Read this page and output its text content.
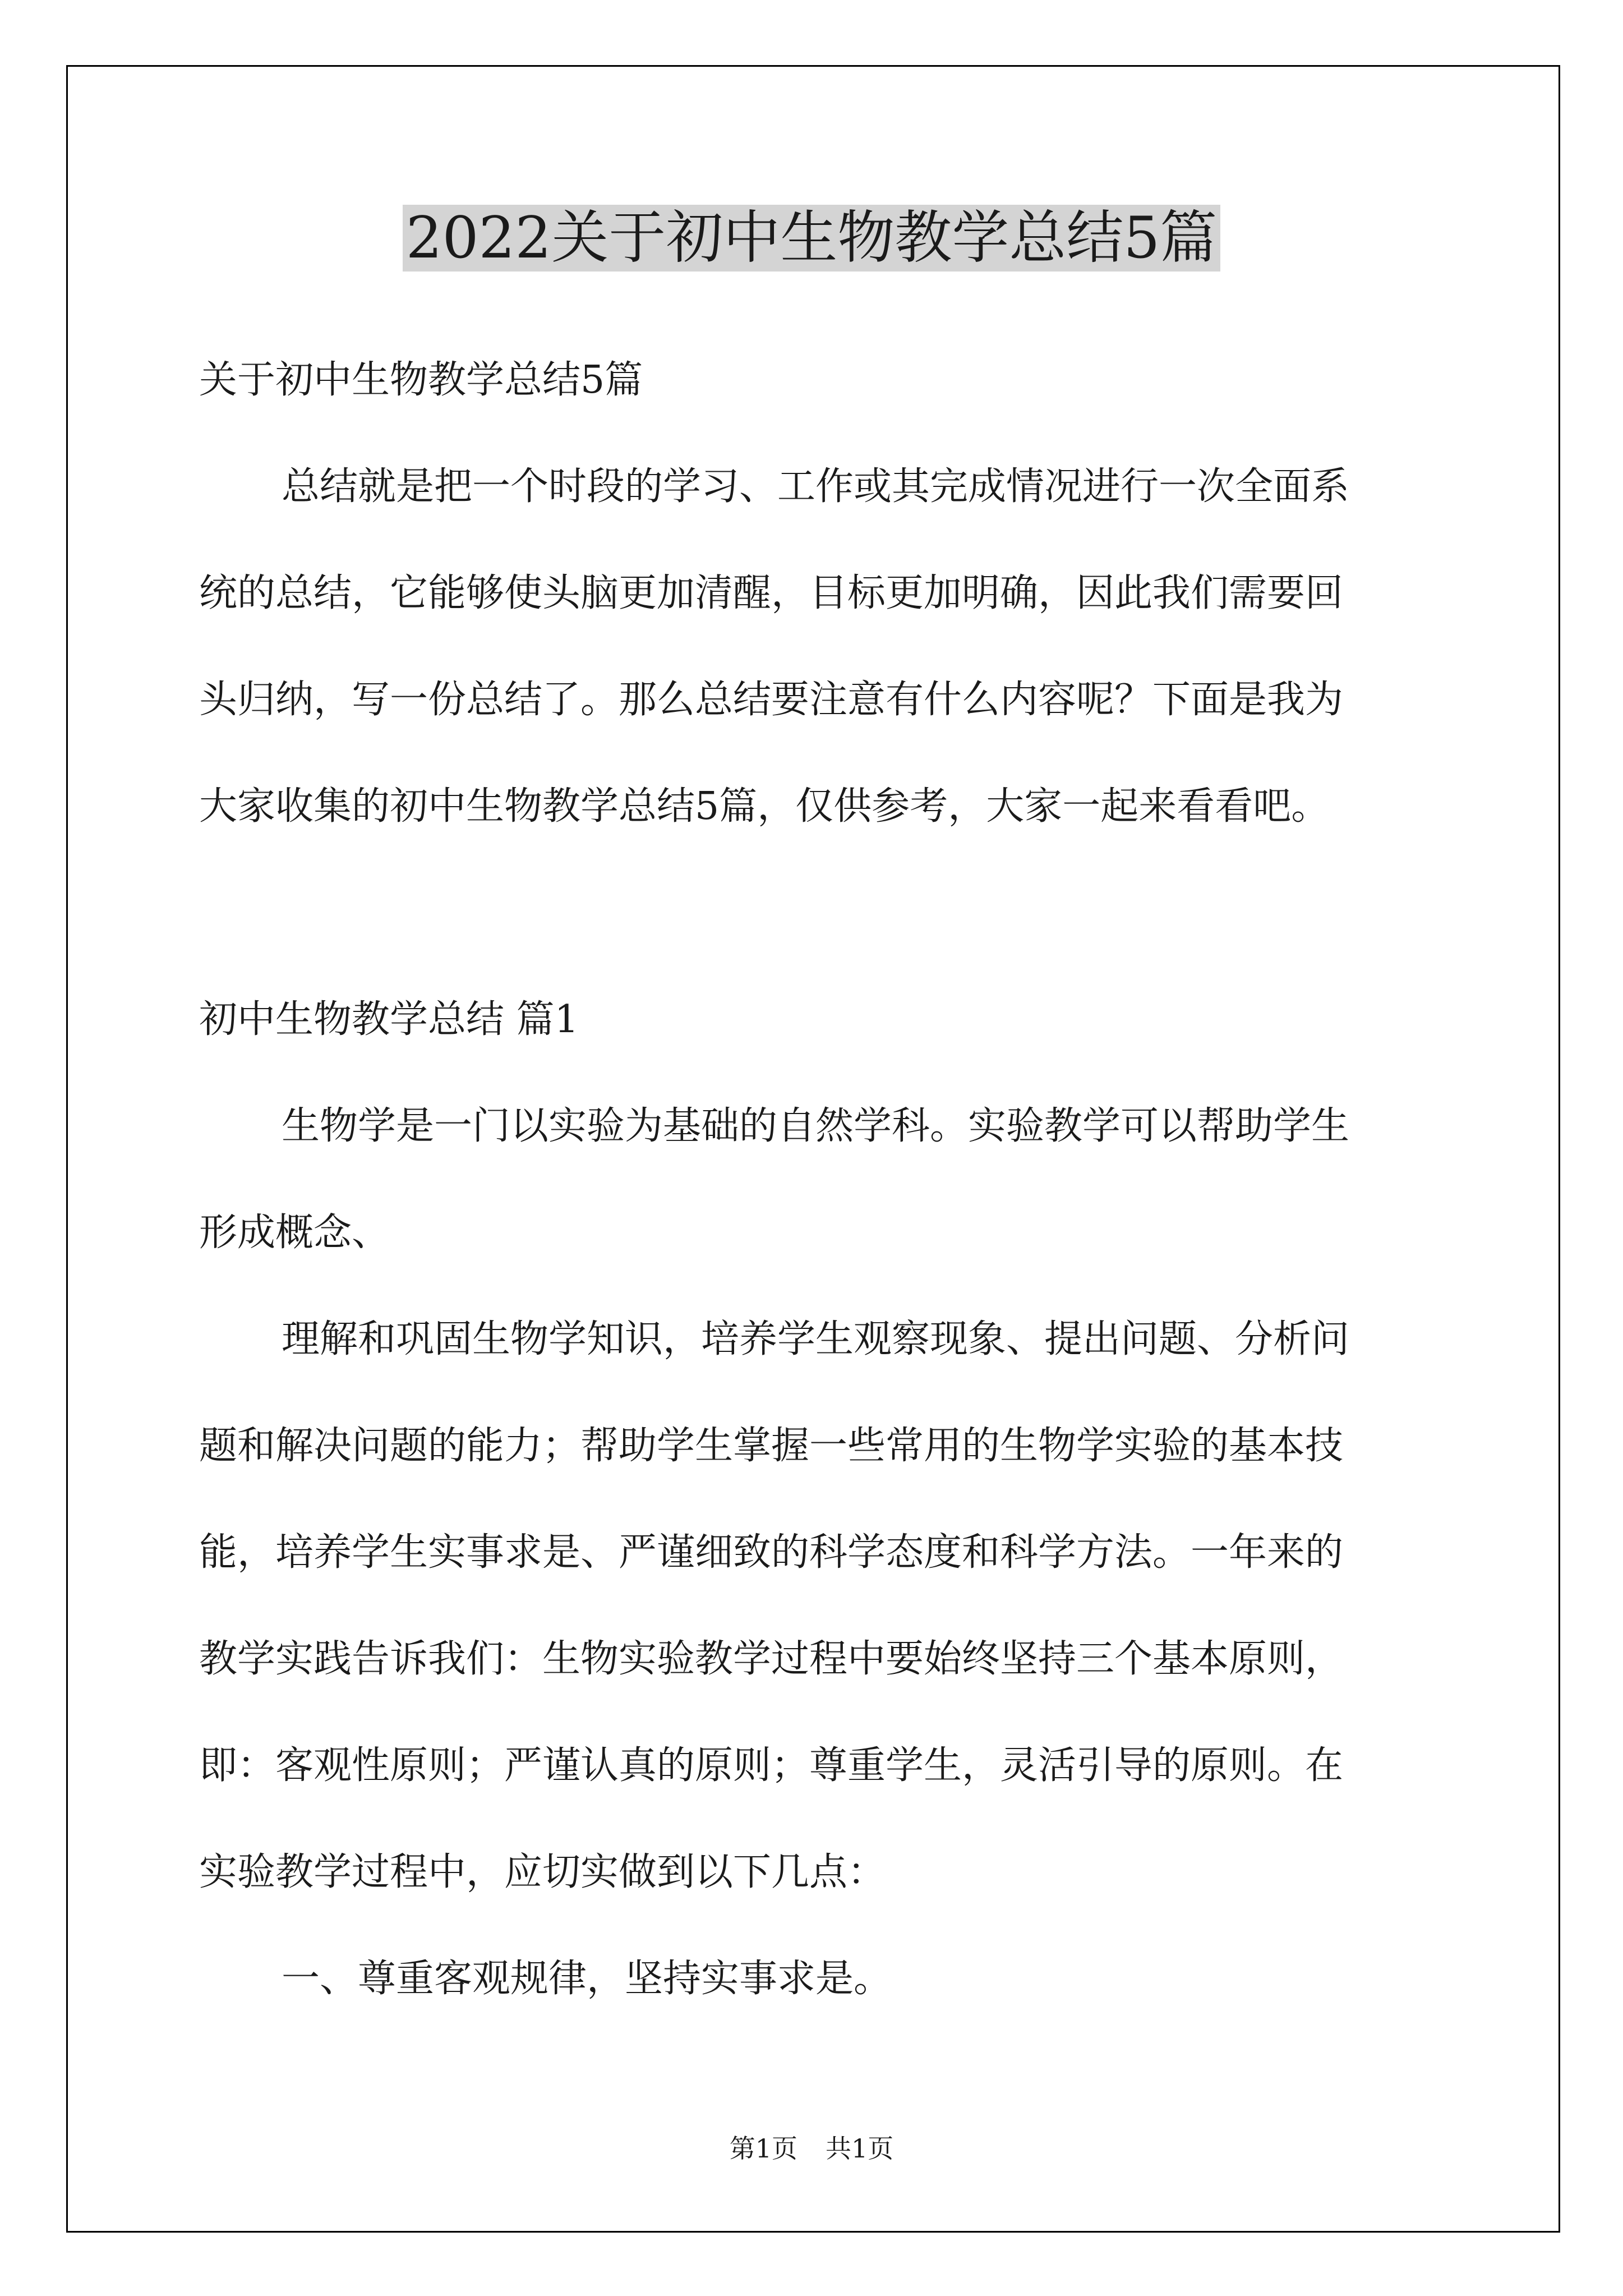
2022关于初中生物教学总结5篇
关于初中生物教学总结5篇
总结就是把一个时段的学习、工作或其完成情况进行一次全面系
统的总结，它能够使头脑更加清醒，目标更加明确，因此我们需要回
头归纳，写一份总结了。那么总结要注意有什么内容呢？下面是我为
大家收集的初中生物教学总结5篇，仅供参考，大家一起来看看吧。
初中生物教学总结 篇1
生物学是一门以实验为基础的自然学科。实验教学可以帮助学生
形成概念、
理解和巩固生物学知识，培养学生观察现象、提出问题、分析问
题和解决问题的能力；帮助学生掌握一些常用的生物学实验的基本技
能，培养学生实事求是、严谨细致的科学态度和科学方法。一年来的
教学实践告诉我们：生物实验教学过程中要始终坚持三个基本原则，
即：客观性原则；严谨认真的原则；尊重学生，灵活引导的原则。在
实验教学过程中，应切实做到以下几点：
一、尊重客观规律，坚持实事求是。
第1页 共1页
